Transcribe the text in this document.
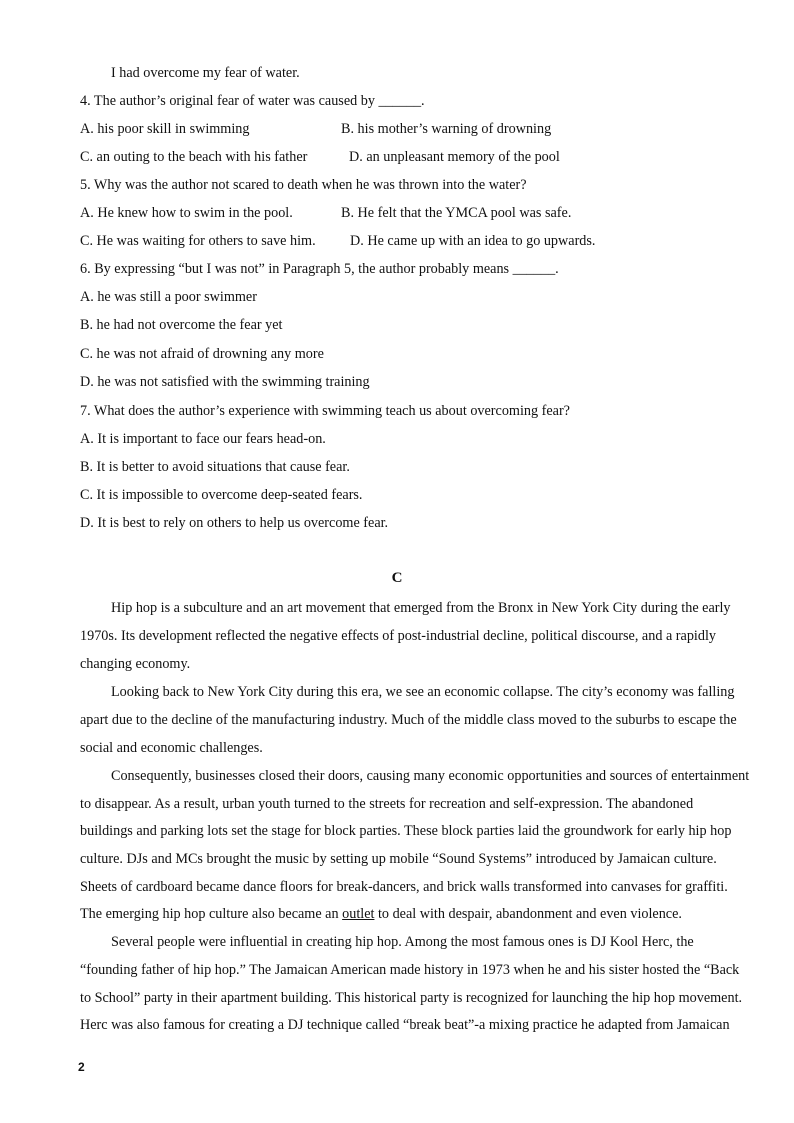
I had overcome my fear of water.
4. The author’s original fear of water was caused by ______.
A. his poor skill in swimming	B. his mother’s warning of drowning
C. an outing to the beach with his father	D. an unpleasant memory of the pool
5. Why was the author not scared to death when he was thrown into the water?
A. He knew how to swim in the pool.	B. He felt that the YMCA pool was safe.
C. He was waiting for others to save him. D. He came up with an idea to go upwards.
6. By expressing “but I was not” in Paragraph 5, the author probably means ______.
A. he was still a poor swimmer
B. he had not overcome the fear yet
C. he was not afraid of drowning any more
D. he was not satisfied with the swimming training
7. What does the author’s experience with swimming teach us about overcoming fear?
A. It is important to face our fears head-on.
B. It is better to avoid situations that cause fear.
C. It is impossible to overcome deep-seated fears.
D. It is best to rely on others to help us overcome fear.
C
Hip hop is a subculture and an art movement that emerged from the Bronx in New York City during the early
1970s. Its development reflected the negative effects of post-industrial decline, political discourse, and a rapidly
changing economy.
Looking back to New York City during this era, we see an economic collapse. The city’s economy was falling
apart due to the decline of the manufacturing industry. Much of the middle class moved to the suburbs to escape the
social and economic challenges.
Consequently, businesses closed their doors, causing many economic opportunities and sources of entertainment
to disappear. As a result, urban youth turned to the streets for recreation and self-expression. The abandoned
buildings and parking lots set the stage for block parties. These block parties laid the groundwork for early hip hop
culture. DJs and MCs brought the music by setting up mobile “Sound Systems” introduced by Jamaican culture.
Sheets of cardboard became dance floors for break-dancers, and brick walls transformed into canvases for graffiti.
The emerging hip hop culture also became an outlet to deal with despair, abandonment and even violence.
Several people were influential in creating hip hop. Among the most famous ones is DJ Kool Herc, the
“founding father of hip hop.” The Jamaican American made history in 1973 when he and his sister hosted the “Back
to School” party in their apartment building. This historical party is recognized for launching the hip hop movement.
Herc was also famous for creating a DJ technique called “break beat”-a mixing practice he adapted from Jamaican
2
